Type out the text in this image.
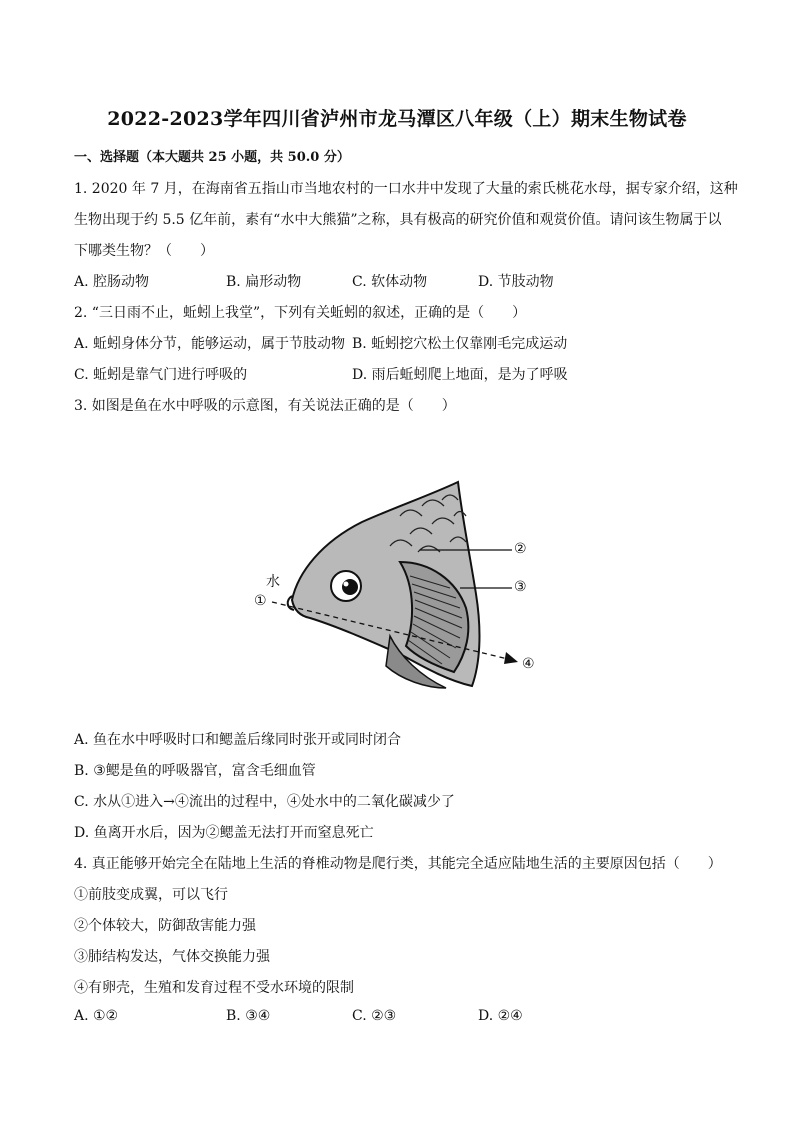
2022-2023学年四川省泸州市龙马潭区八年级（上）期末生物试卷
一、选择题（本大题共 25 小题，共 50.0 分）
1. 2020 年 7 月，在海南省五指山市当地农村的一口水井中发现了大量的索氏桃花水母，据专家介绍，这种
生物出现于约 5.5 亿年前，素有“水中大熊猫”之称，具有极高的研究价值和观赏价值。请问该生物属于以
下哪类生物？（　　）
A. 腔肠动物	B. 扁形动物	C. 软体动物	D. 节肢动物
2. “三日雨不止，蚯蚓上我堂”，下列有关蚯蚓的叙述，正确的是（　　）
A. 蚯蚓身体分节，能够运动，属于节肢动物 B. 蚯蚓挖穴松土仅靠刚毛完成运动
C. 蚯蚓是靠气门进行呼吸的	D. 雨后蚯蚓爬上地面，是为了呼吸
3. 如图是鱼在水中呼吸的示意图，有关说法正确的是（　　）
水
①
②
③
④
A. 鱼在水中呼吸时口和鳃盖后缘同时张开或同时闭合
B. ③鳃是鱼的呼吸器官，富含毛细血管
C. 水从①进入→④流出的过程中，④处水中的二氧化碳减少了
D. 鱼离开水后，因为②鳃盖无法打开而窒息死亡
4. 真正能够开始完全在陆地上生活的脊椎动物是爬行类，其能完全适应陆地生活的主要原因包括（　　）
①前肢变成翼，可以飞行
②个体较大，防御敌害能力强
③肺结构发达，气体交换能力强
④有卵壳，生殖和发育过程不受水环境的限制
A. ①②	B. ③④	C. ②③	D. ②④
